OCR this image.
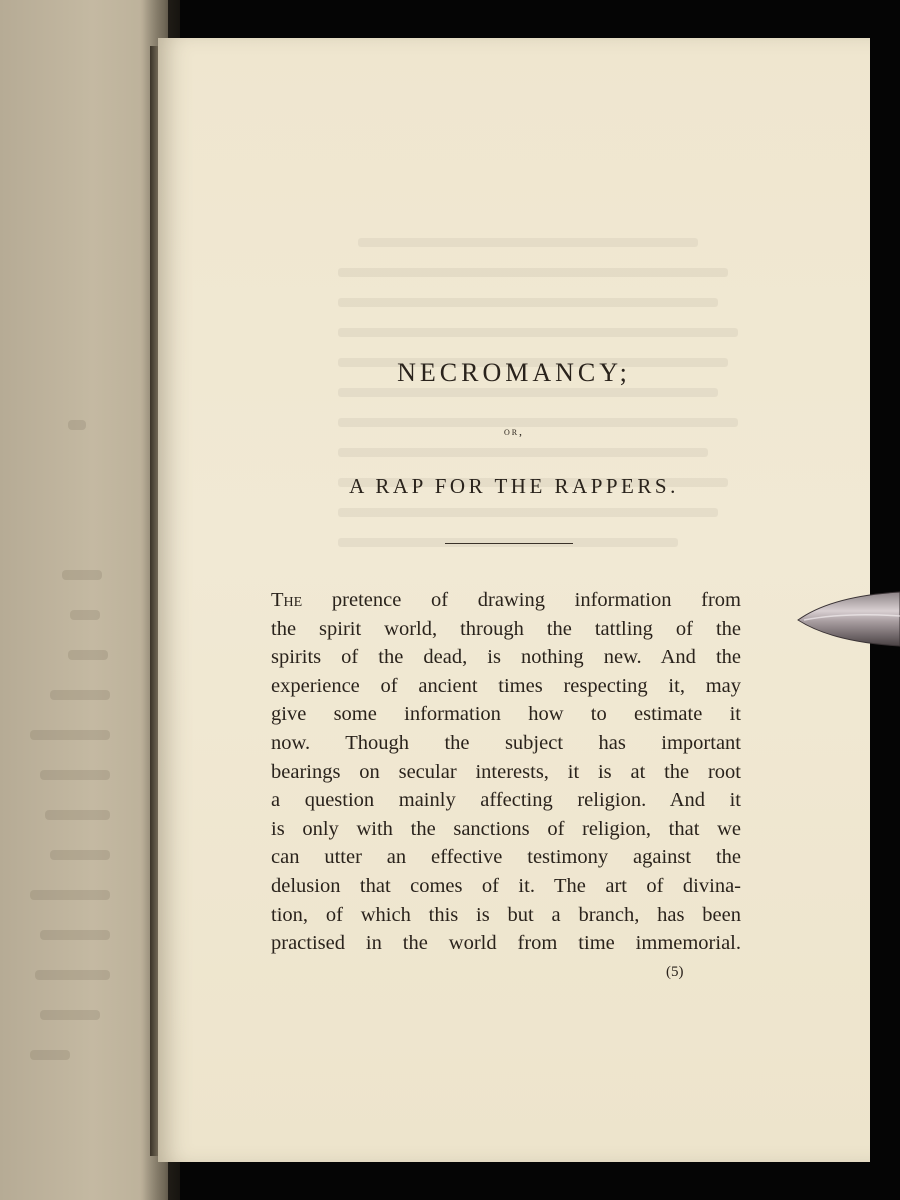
NECROMANCY;

or,

A RAP FOR THE RAPPERS.
The pretence of drawing information from
the spirit world, through the tattling of the
spirits of the dead, is nothing new. And the
experience of ancient times respecting it, may
give some information how to estimate it
now. Though the subject has important
bearings on secular interests, it is at the root
a question mainly affecting religion. And it
is only with the sanctions of religion, that we
can utter an effective testimony against the
delusion that comes of it. The art of divina-
tion, of which this is but a branch, has been
practised in the world from time immemorial.

(5)
